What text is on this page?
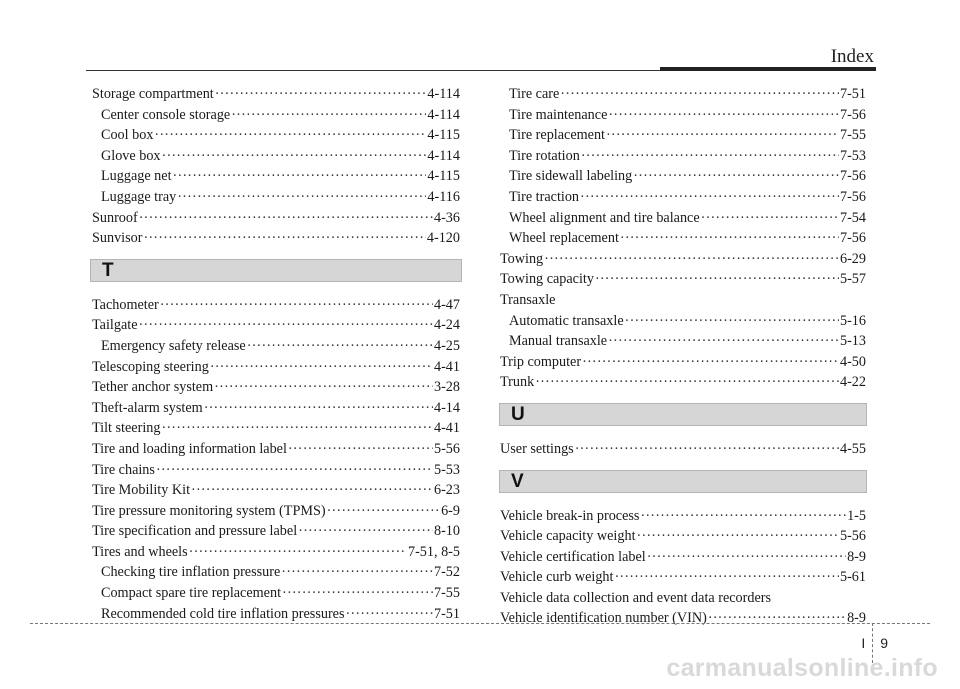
Index
Storage compartment ·····	4-114
Center console storage ·····	4-114
Cool box ·····	4-115
Glove box ·····	4-114
Luggage net ·····	4-115
Luggage tray ·····	4-116
Sunroof ·····	4-36
Sunvisor ·····	4-120
T
Tachometer ·····	4-47
Tailgate ·····	4-24
Emergency safety release ·····	4-25
Telescoping steering ·····	4-41
Tether anchor system ·····	3-28
Theft-alarm system ·····	4-14
Tilt steering ·····	4-41
Tire and loading information label ·····	5-56
Tire chains ·····	5-53
Tire Mobility Kit ·····	6-23
Tire pressure monitoring system (TPMS) ·····	6-9
Tire specification and pressure label ·····	8-10
Tires and wheels ·····	7-51, 8-5
Checking tire inflation pressure ·····	7-52
Compact spare tire replacement ·····	7-55
Recommended cold tire inflation pressures ·····	7-51
Tire care ·····	7-51
Tire maintenance ·····	7-56
Tire replacement ·····	7-55
Tire rotation ·····	7-53
Tire sidewall labeling ·····	7-56
Tire traction ·····	7-56
Wheel alignment and tire balance ·····	7-54
Wheel replacement ·····	7-56
Towing ·····	6-29
Towing capacity ·····	5-57
Transaxle
Automatic transaxle ·····	5-16
Manual transaxle ·····	5-13
Trip computer ·····	4-50
Trunk ·····	4-22
U
User settings ·····	4-55
V
Vehicle break-in process ·····	1-5
Vehicle capacity weight ·····	5-56
Vehicle certification label ·····	8-9
Vehicle curb weight ·····	5-61
Vehicle data collection and event data recorders
Vehicle identification number (VIN) ·····	8-9
I	9
carmanualsonline.info
